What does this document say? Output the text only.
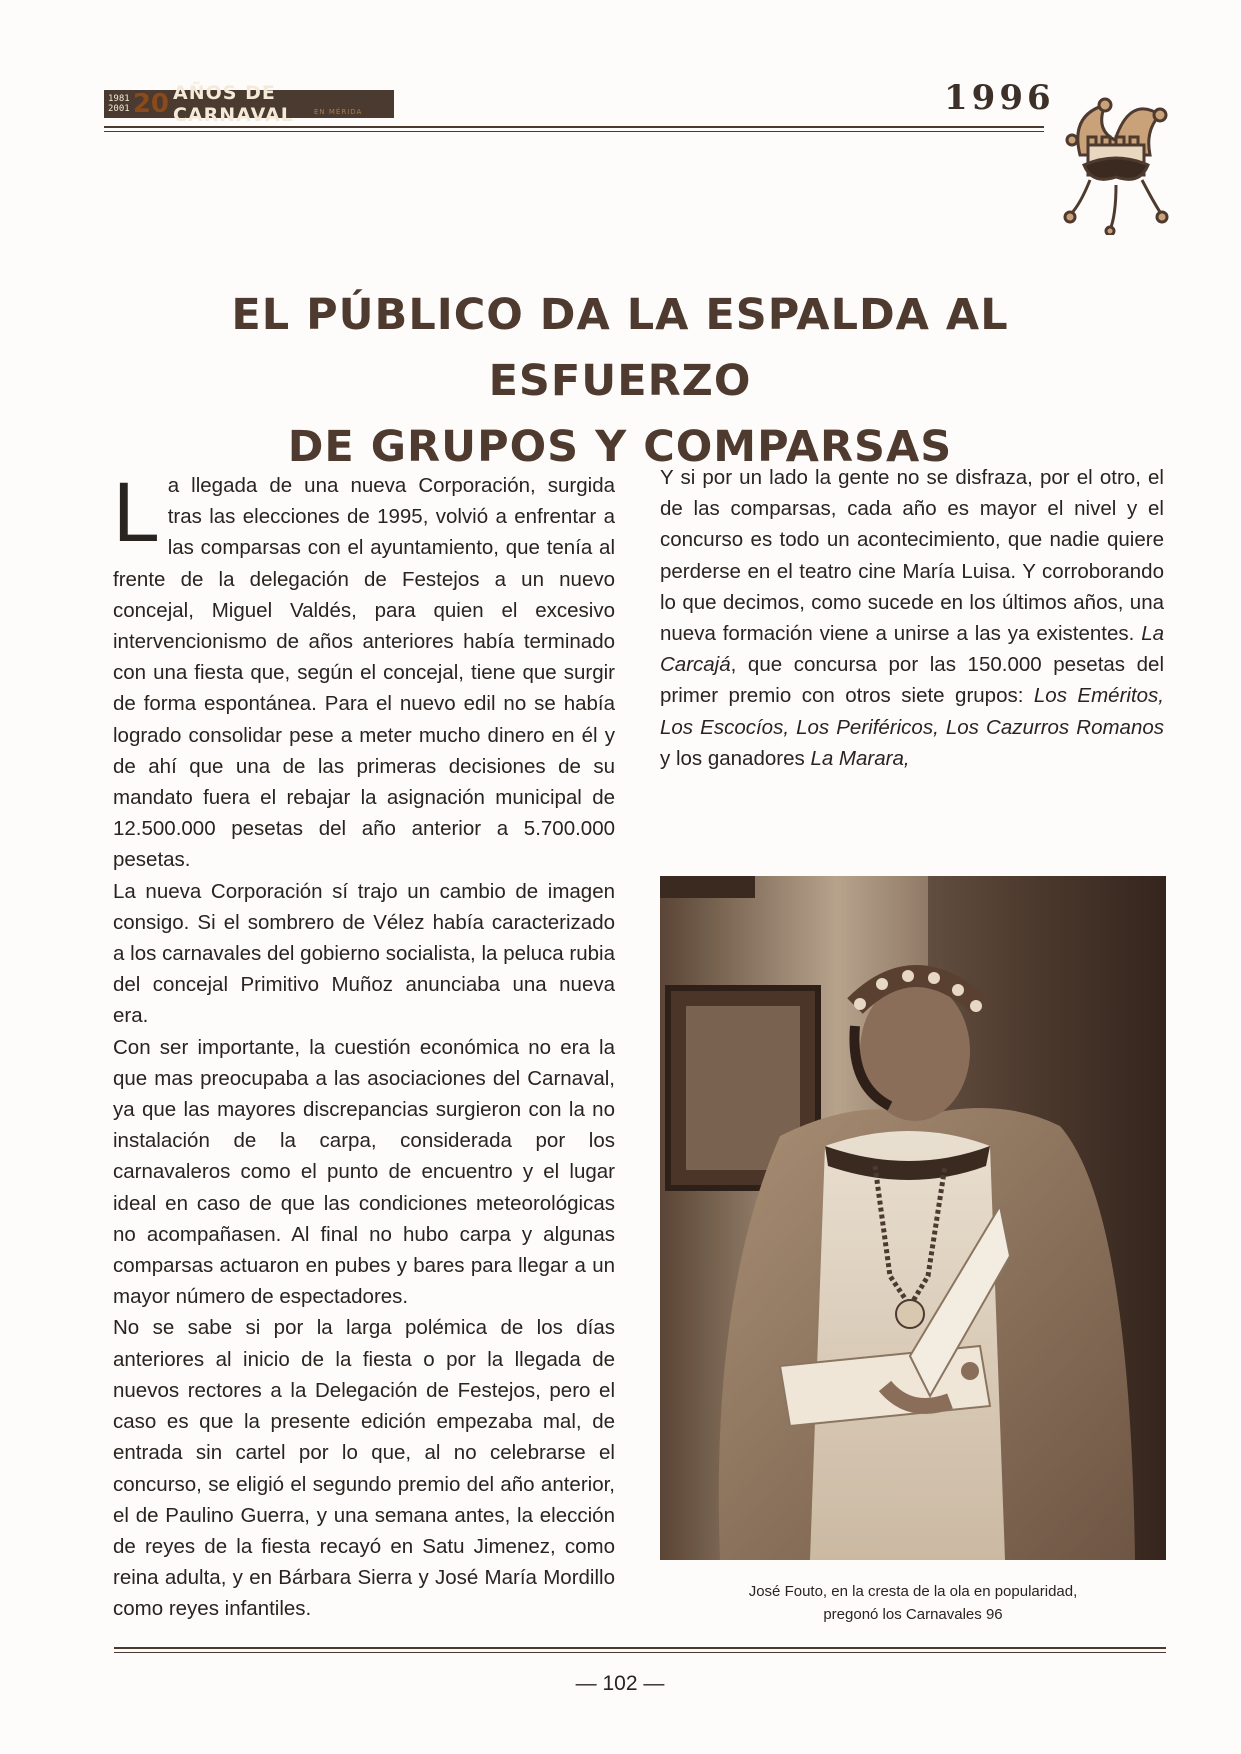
1981
2001 20 AÑOS DE CARNAVAL	EN MÉRIDA	1996
EL PÚBLICO DA LA ESPALDA AL ESFUERZO
DE GRUPOS Y COMPARSAS

La llegada de una nueva Corporación, surgida tras las elecciones de 1995, volvió a enfrentar a las comparsas con el ayuntamiento, que tenía al frente de la delegación de Festejos a un nuevo concejal, Miguel Valdés, para quien el excesivo intervencionismo de años anteriores había terminado con una fiesta que, según el concejal, tiene que surgir de forma espontánea. Para el nuevo edil no se había logrado consolidar pese a meter mucho dinero en él y de ahí que una de las primeras decisiones de su mandato fuera el rebajar la asignación municipal de 12.500.000 pesetas del año anterior a 5.700.000 pesetas.

La nueva Corporación sí trajo un cambio de imagen consigo. Si el sombrero de Vélez había caracterizado a los carnavales del gobierno socialista, la peluca rubia del concejal Primitivo Muñoz anunciaba una nueva era.

Con ser importante, la cuestión económica no era la que mas preocupaba a las asociaciones del Carnaval, ya que las mayores discrepancias surgieron con la no instalación de la carpa, considerada por los carnavaleros como el punto de encuentro y el lugar ideal en caso de que las condiciones meteorológicas no acompañasen. Al final no hubo carpa y algunas comparsas actuaron en pubes y bares para llegar a un mayor número de espectadores.

No se sabe si por la larga polémica de los días anteriores al inicio de la fiesta o por la llegada de nuevos rectores a la Delegación de Festejos, pero el caso es que la presente edición empezaba mal, de entrada sin cartel por lo que, al no celebrarse el concurso, se eligió el segundo premio del año anterior, el de Paulino Guerra, y una semana antes, la elección de reyes de la fiesta recayó en Satu Jimenez, como reina adulta, y en Bárbara Sierra y José María Mordillo como reyes infantiles.

Y si por un lado la gente no se disfraza, por el otro, el de las comparsas, cada año es mayor el nivel y el concurso es todo un acontecimiento, que nadie quiere perderse en el teatro cine María Luisa. Y corroborando lo que decimos, como sucede en los últimos años, una nueva formación viene a unirse a las ya existentes. La Carcajá, que concursa por las 150.000 pesetas del primer premio con otros siete grupos: Los Eméritos, Los Escocíos, Los Periféricos, Los Cazurros Romanos y los ganadores La Marara,

José Fouto, en la cresta de la ola en popularidad,
pregonó los Carnavales 96
— 102 —
